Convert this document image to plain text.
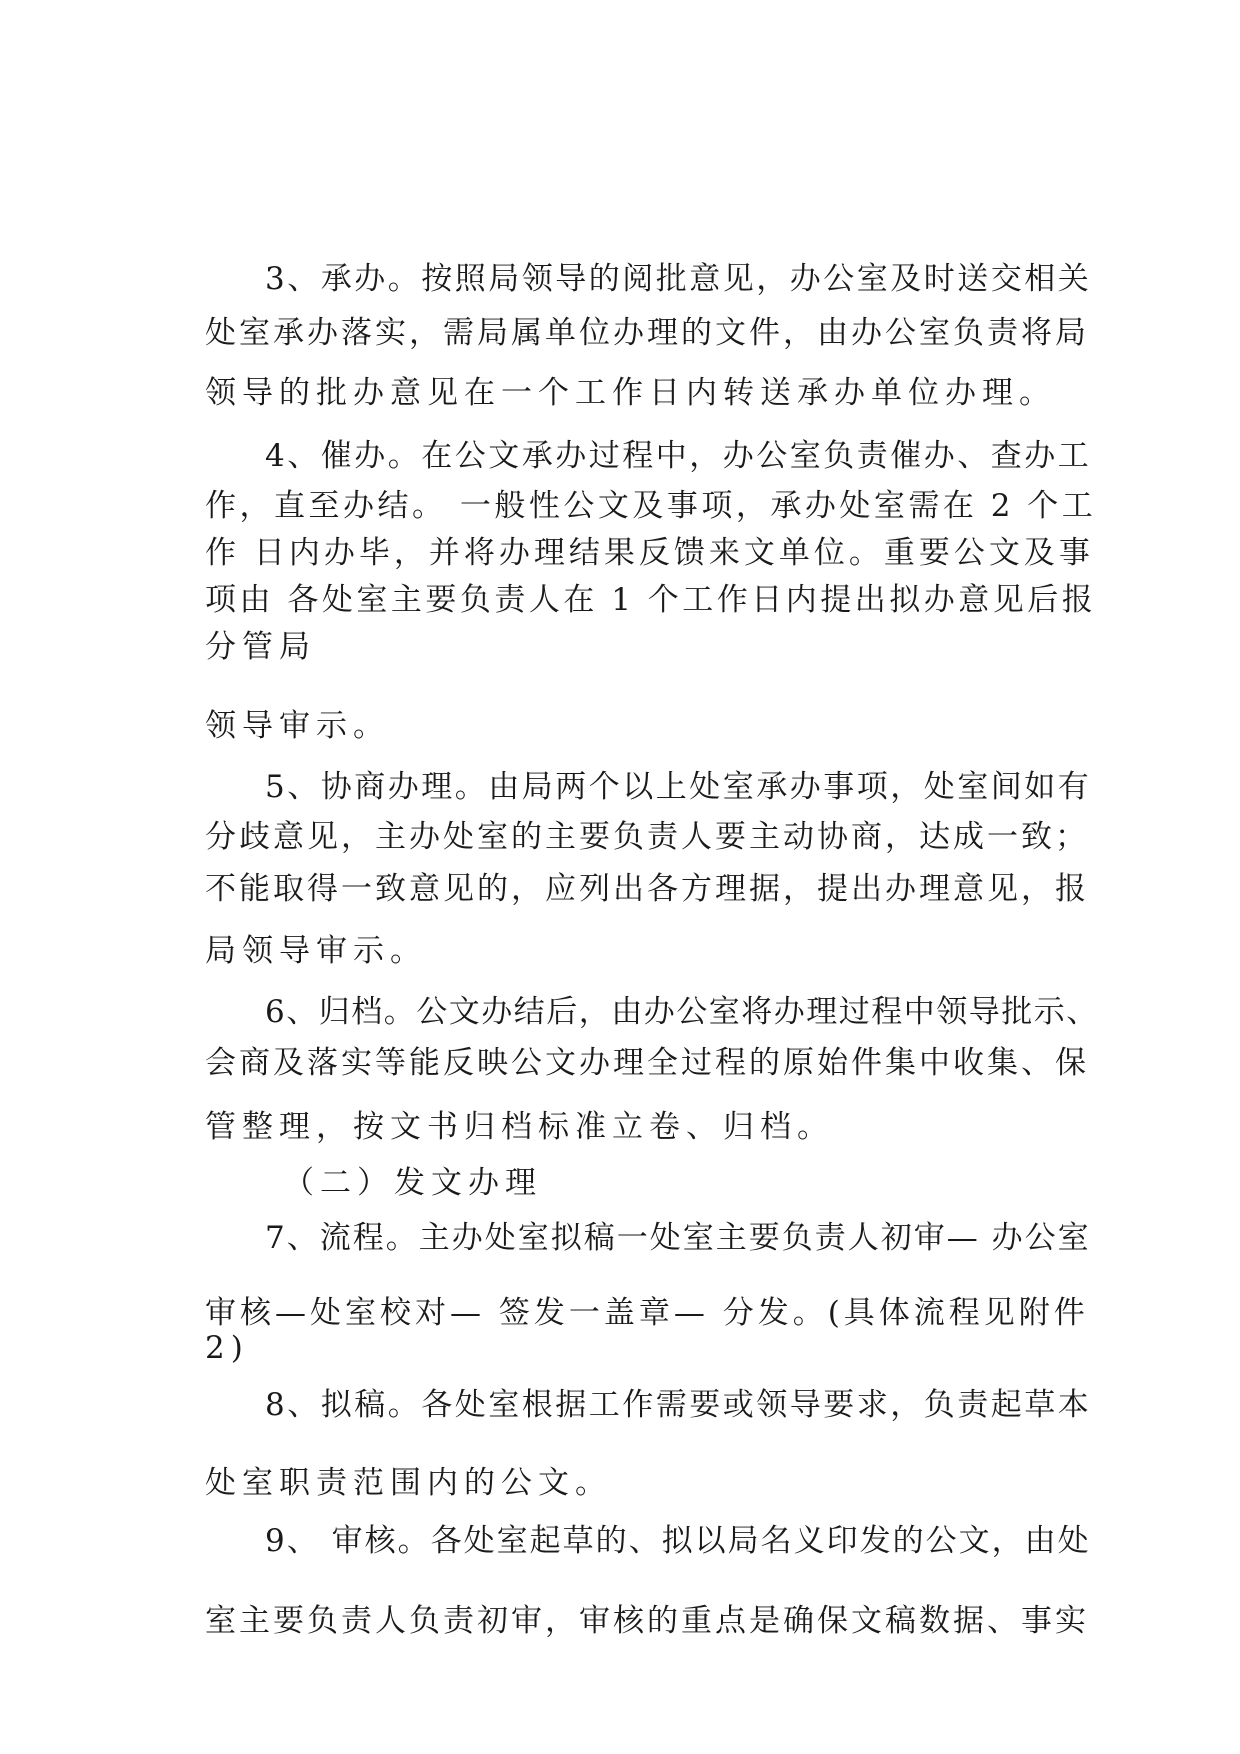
3、承办。按照局领导的阅批意见，办公室及时送交相关
处室承办落实，需局属单位办理的文件，由办公室负责将局
领导的批办意见在一个工作日内转送承办单位办理。
4、催办。在公文承办过程中，办公室负责催办、查办工
作，直至办结。 一般性公文及事项，承办处室需在 2 个工
作 日内办毕，并将办理结果反馈来文单位。重要公文及事
项由 各处室主要负责人在 1 个工作日内提出拟办意见后报
分管局
领导审示。
5、协商办理。由局两个以上处室承办事项，处室间如有
分歧意见，主办处室的主要负责人要主动协商，达成一致；
不能取得一致意见的，应列出各方理据，提出办理意见，报
局领导审示。
6、归档。公文办结后，由办公室将办理过程中领导批示、
会商及落实等能反映公文办理全过程的原始件集中收集、保
管整理，按文书归档标准立卷、归档。
（二）发文办理
7、流程。主办处室拟稿一处室主要负责人初审— 办公室
审核—处室校对— 签发一盖章— 分发。(具体流程见附件
2)
8、拟稿。各处室根据工作需要或领导要求，负责起草本
处室职责范围内的公文。
9、 审核。各处室起草的、拟以局名义印发的公文，由处
室主要负责人负责初审，审核的重点是确保文稿数据、事实
